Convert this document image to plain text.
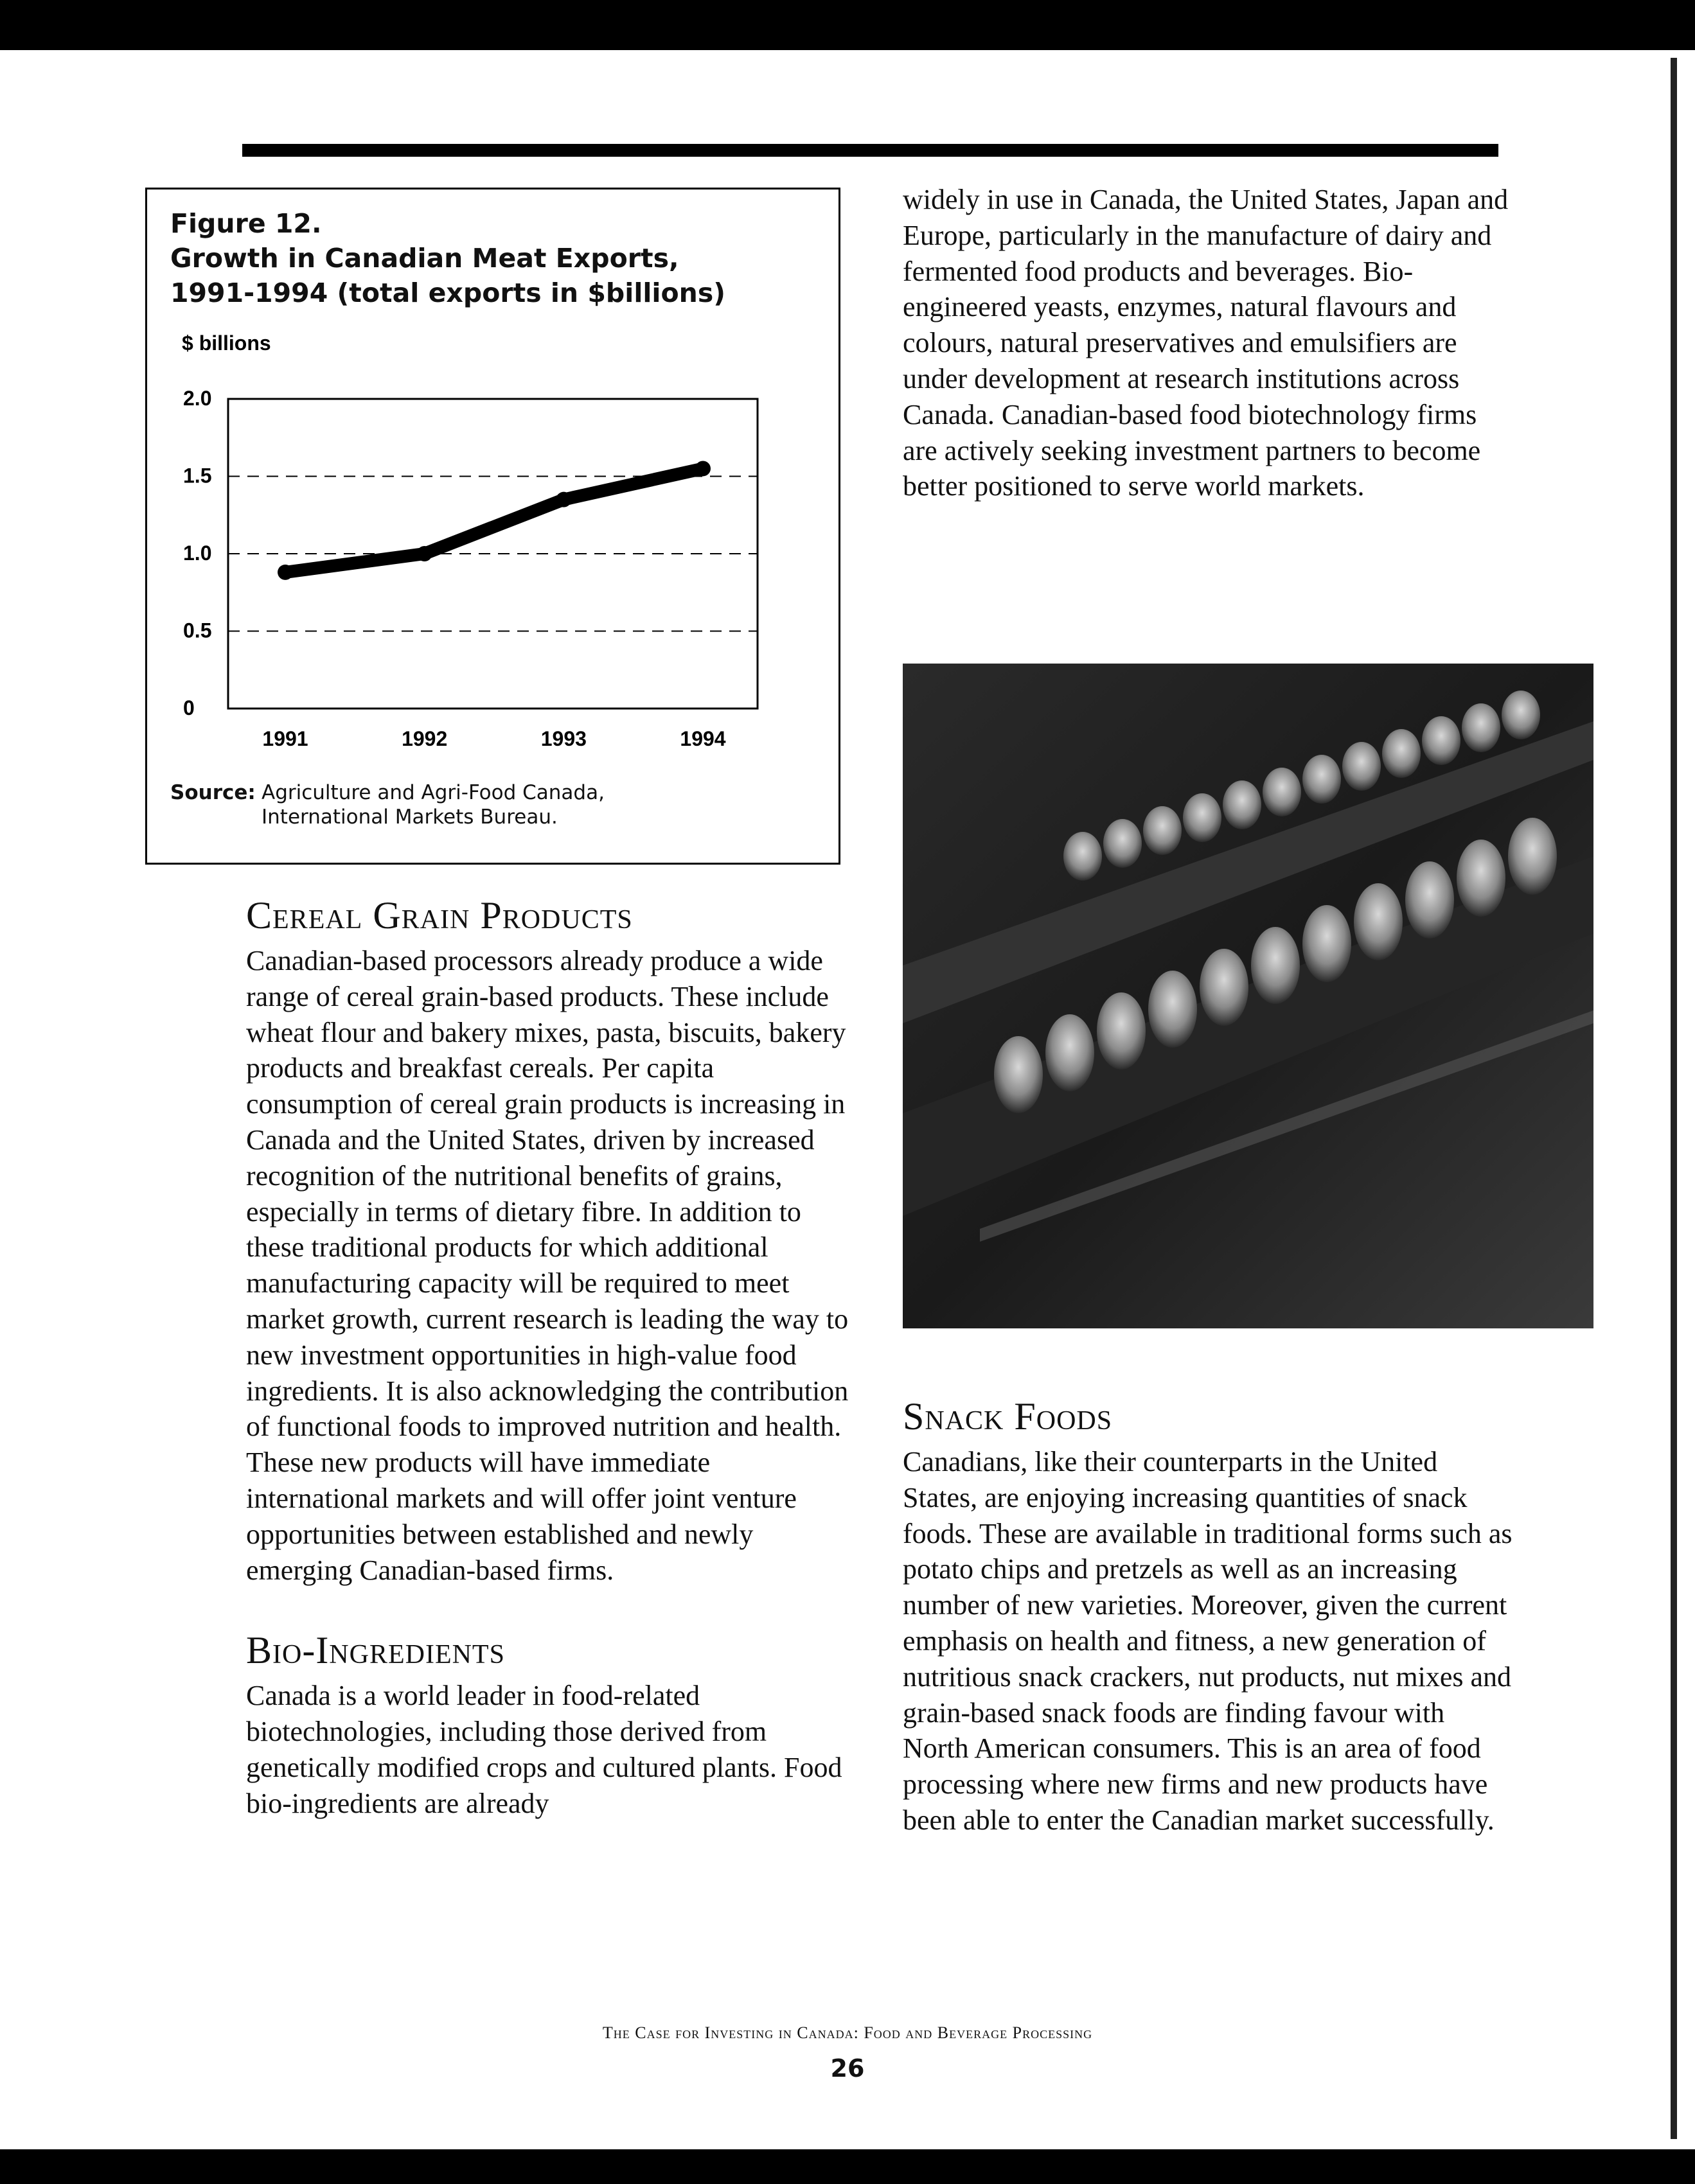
Figure 12.
Growth in Canadian Meat Exports,
1991-1994 (total exports in $billions)
$ billions
2.0
1.5
1.0
0.5
0
1991	1992	1993	1994
Source: Agriculture and Agri-Food Canada,
International Markets Bureau.
Cereal Grain Products

Canadian-based processors already produce a wide range of cereal grain-based products. These include wheat flour and bakery mixes, pasta, biscuits, bakery products and breakfast cereals. Per capita consumption of cereal grain products is increasing in Canada and the United States, driven by increased recognition of the nutritional benefits of grains, especially in terms of dietary fibre. In addition to these traditional products for which additional manufacturing capacity will be required to meet market growth, current research is leading the way to new investment opportunities in high-value food ingredients. It is also acknowledging the contribution of functional foods to improved nutrition and health. These new products will have immediate international markets and will offer joint venture opportunities between established and newly emerging Canadian-based firms.

Bio-Ingredients

Canada is a world leader in food-related biotechnologies, including those derived from genetically modified crops and cultured plants. Food bio-ingredients are already

widely in use in Canada, the United States, Japan and Europe, particularly in the manufacture of dairy and fermented food products and beverages. Bio-engineered yeasts, enzymes, natural flavours and colours, natural preservatives and emulsifiers are under development at research institutions across Canada. Canadian-based food biotechnology firms are actively seeking investment partners to become better positioned to serve world markets.

Snack Foods

Canadians, like their counterparts in the United States, are enjoying increasing quantities of snack foods. These are available in traditional forms such as potato chips and pretzels as well as an increasing number of new varieties. Moreover, given the current emphasis on health and fitness, a new generation of nutritious snack crackers, nut products, nut mixes and grain-based snack foods are finding favour with North American consumers. This is an area of food processing where new firms and new products have been able to enter the Canadian market successfully.

The Case for Investing in Canada: Food and Beverage Processing
26
